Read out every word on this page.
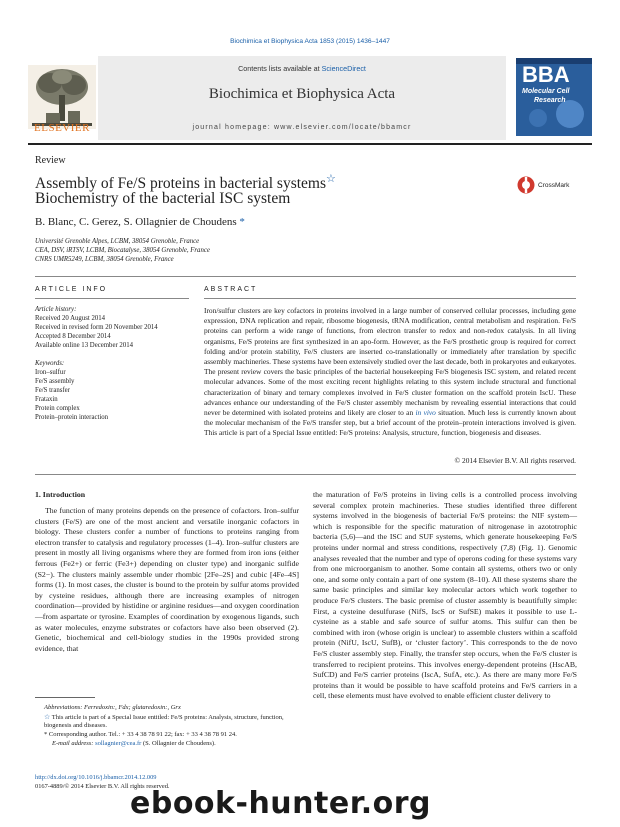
Biochimica et Biophysica Acta 1853 (2015) 1436–1447
Contents lists available at ScienceDirect
Biochimica et Biophysica Acta
journal homepage: www.elsevier.com/locate/bbamcr
ELSEVIER
BBA
Molecular Cell
Research
Review
Assembly of Fe/S proteins in bacterial systems☆
Biochemistry of the bacterial ISC system
CrossMark
B. Blanc, C. Gerez, S. Ollagnier de Choudens *
Université Grenoble Alpes, LCBM, 38054 Grenoble, France
CEA, DSV, iRTSV, LCBM, Biocatalyse, 38054 Grenoble, France
CNRS UMR5249, LCBM, 38054 Grenoble, France
ARTICLE INFO	ABSTRACT
Article history:
Received 20 August 2014
Received in revised form 20 November 2014
Accepted 8 December 2014
Available online 13 December 2014
Keywords:
Iron–sulfur
Fe/S assembly
Fe/S transfer
Frataxin
Protein complex
Protein–protein interaction
Iron/sulfur clusters are key cofactors in proteins involved in a large number of conserved cellular processes, including gene expression, DNA replication and repair, ribosome biogenesis, tRNA modification, central metabolism and respiration. Fe/S proteins can perform a wide range of functions, from electron transfer to redox and non-redox catalysis. In all living organisms, Fe/S proteins are first synthesized in an apo-form. However, as the Fe/S prosthetic group is required for correct folding and/or protein stability, Fe/S clusters are inserted co-translationally or immediately after translation by specific assembly machineries. These systems have been extensively studied over the last decade, both in prokaryotes and eukaryotes. The present review covers the basic principles of the bacterial housekeeping Fe/S biogenesis ISC system, and related recent molecular advances. Some of the most exciting recent highlights relating to this system include structural and functional characterization of binary and ternary complexes involved in Fe/S cluster formation on the scaffold protein IscU. These advances enhance our understanding of the Fe/S cluster assembly mechanism by revealing essential interactions that could never be determined with isolated proteins and likely are closer to an in vivo situation. Much less is currently known about the molecular mechanism of the Fe/S transfer step, but a brief account of the protein–protein interactions involved is given. This article is part of a Special Issue entitled: Fe/S proteins: Analysis, structure, function, biogenesis and diseases.
© 2014 Elsevier B.V. All rights reserved.
1. Introduction
The function of many proteins depends on the presence of cofactors. Iron–sulfur clusters (Fe/S) are one of the most ancient and versatile inorganic cofactors in biology. These clusters confer a number of functions to proteins ranging from electron transfer to catalysis and regulatory processes (1–4). Iron–sulfur clusters are present in mostly all living organisms where they are formed from iron ions (either ferrous (Fe2+) or ferric (Fe3+) depending on cluster type) and inorganic sulfide (S2−). The clusters mainly assemble under rhombic [2Fe–2S] and cubic [4Fe–4S] forms (1). In most cases, the cluster is bound to the protein by sulfur atoms provided by cysteine residues, although there are increasing examples of nitrogen coordination—provided by histidine or arginine residues—and oxygen coordination—from aspartate or tyrosine. Examples of coordination by exogenous ligands, such as water molecules, enzyme substrates or cofactors have also been observed (2). Genetic, biochemical and cell-biology studies in the 1990s provided strong evidence, that
the maturation of Fe/S proteins in living cells is a controlled process involving several complex protein machineries. These studies identified three different systems involved in the biogenesis of bacterial Fe/S proteins: the NIF system—which is responsible for the specific maturation of nitrogenase in azototrophic bacteria (5,6)—and the ISC and SUF systems, which generate housekeeping Fe/S proteins under normal and stress conditions, respectively (7,8) (Fig. 1). Genomic analyses revealed that the number and type of operons coding for these systems vary from one microorganism to another. Some contain all systems, others two or only one, and some only contain a part of one system (8–10). All these systems share the same basic principles and similar key molecular actors which work together to produce Fe/S clusters. The basic premise of cluster assembly is beautifully simple: First, a cysteine desulfurase (NifS, IscS or SufSE) makes it possible to use L-cysteine as a stable and safe source of sulfur atoms. This sulfur can then be combined with iron (whose origin is unclear) to assemble clusters within a scaffold protein (NifU, IscU, SufB), or ‘cluster factory’. This corresponds to the de novo Fe/S cluster assembly step. Finally, the transfer step occurs, when the Fe/S cluster is transferred to recipient proteins. This involves energy-dependent proteins (HscAB, SufCD) and Fe/S carrier proteins (IscA, SufA, etc.). As there are many more Fe/S proteins than it would be possible to have scaffold proteins and Fe/S carriers in a cell, these elements must have evolved to enable efficient cluster delivery to
Abbreviations: Ferredoxin:, Fdx; glutaredoxin:, Grx
☆ This article is part of a Special Issue entitled: Fe/S proteins: Analysis, structure, function, biogenesis and diseases.
* Corresponding author. Tel.: + 33 4 38 78 91 22; fax: + 33 4 38 78 91 24.
E-mail address: sollagnier@cea.fr (S. Ollagnier de Choudens).
http://dx.doi.org/10.1016/j.bbamcr.2014.12.009
0167-4889/© 2014 Elsevier B.V. All rights reserved.
ebook-hunter.org
